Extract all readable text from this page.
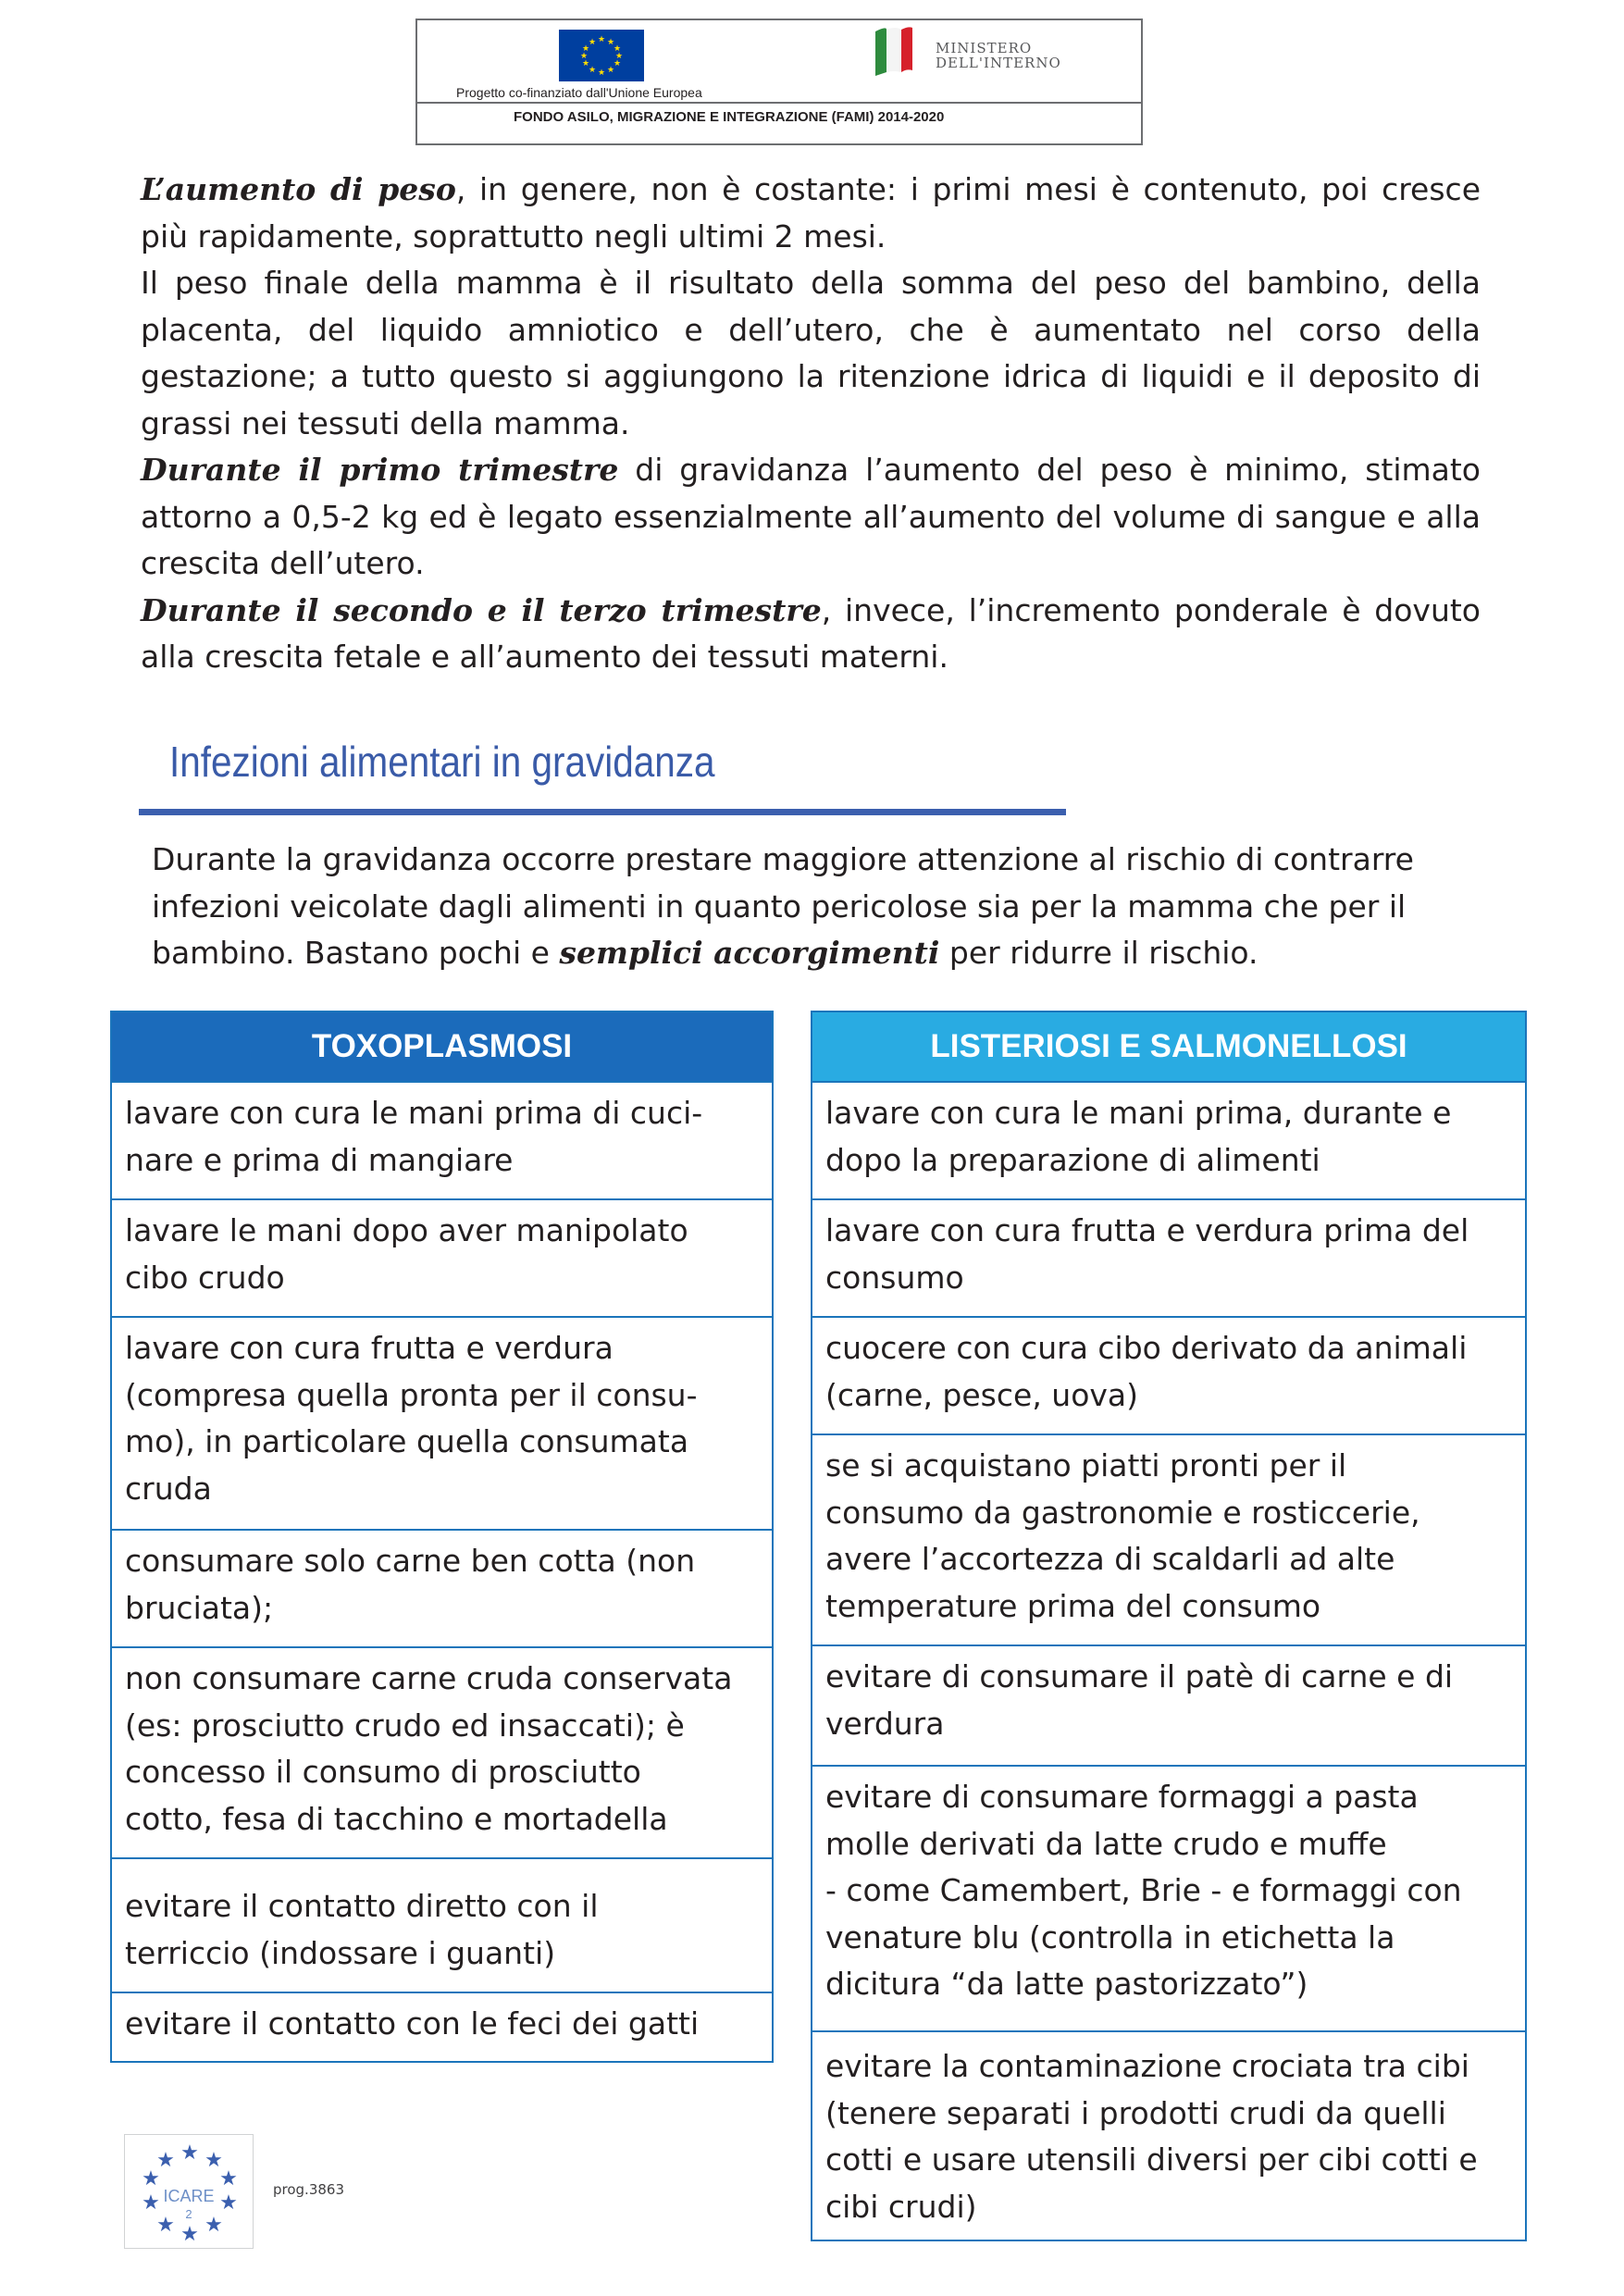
★ ★
★
★
★
★
★
★
★
★
★
★	MINISTERO
DELL'INTERNO
Progetto co-finanziato dall'Unione Europea
FONDO ASILO, MIGRAZIONE E INTEGRAZIONE (FAMI) 2014-2020

L’aumento di peso, in genere, non è costante: i primi mesi è contenuto, poi cresce più rapidamente, soprattutto negli ultimi 2 mesi.

Il peso finale della mamma è il risultato della somma del peso del bambino, della placenta, del liquido amniotico e dell’utero, che è aumentato nel corso della gestazione; a tutto questo si aggiungono la ritenzione idrica di liquidi e il deposito di grassi nei tessuti della mamma.

Durante il primo trimestre di gravidanza l’aumento del peso è minimo, stimato attorno a 0,5-2 kg ed è legato essenzialmente all’aumento del volume di sangue e alla crescita dell’utero.

Durante il secondo e il terzo trimestre, invece, l’incremento ponderale è dovuto alla crescita fetale e all’aumento dei tessuti materni.

Infezioni alimentari in gravidanza

Durante la gravidanza occorre prestare maggiore attenzione al rischio di contrarre infezioni veicolate dagli alimenti in quanto pericolose sia per la mamma che per il bambino. Bastano pochi e semplici accorgimenti per ridurre il rischio.

TOXOPLASMOSI
lavare con cura le mani prima di cuci-
nare e prima di mangiare
lavare le mani dopo aver manipolato
cibo crudo
lavare con cura frutta e verdura
(compresa quella pronta per il consu-
mo), in particolare quella consumata
cruda
consumare solo carne ben cotta (non
bruciata);
non consumare carne cruda conservata
(es: prosciutto crudo ed insaccati); è
concesso il consumo di prosciutto
cotto, fesa di tacchino e mortadella
evitare il contatto diretto con il
terriccio (indossare i guanti)
evitare il contatto con le feci dei gatti
LISTERIOSI E SALMONELLOSI
lavare con cura le mani prima, durante e
dopo la preparazione di alimenti
lavare con cura frutta e verdura prima del
consumo
cuocere con cura cibo derivato da animali
(carne, pesce, uova)
se si acquistano piatti pronti per il
consumo da gastronomie e rosticcerie,
avere l’accortezza di scaldarli ad alte
temperature prima del consumo
evitare di consumare il patè di carne e di
verdura
evitare di consumare formaggi a pasta
molle derivati da latte crudo e muffe
- come Camembert, Brie - e formaggi con
venature blu (controlla in etichetta la
dicitura “da latte pastorizzato”)
evitare la contaminazione crociata tra cibi
(tenere separati i prodotti crudi da quelli
cotti e usare utensili diversi per cibi cotti e
cibi crudi)
★ ★
★
★
★
★
★
★
★
★
ICARE
2
prog.3863
